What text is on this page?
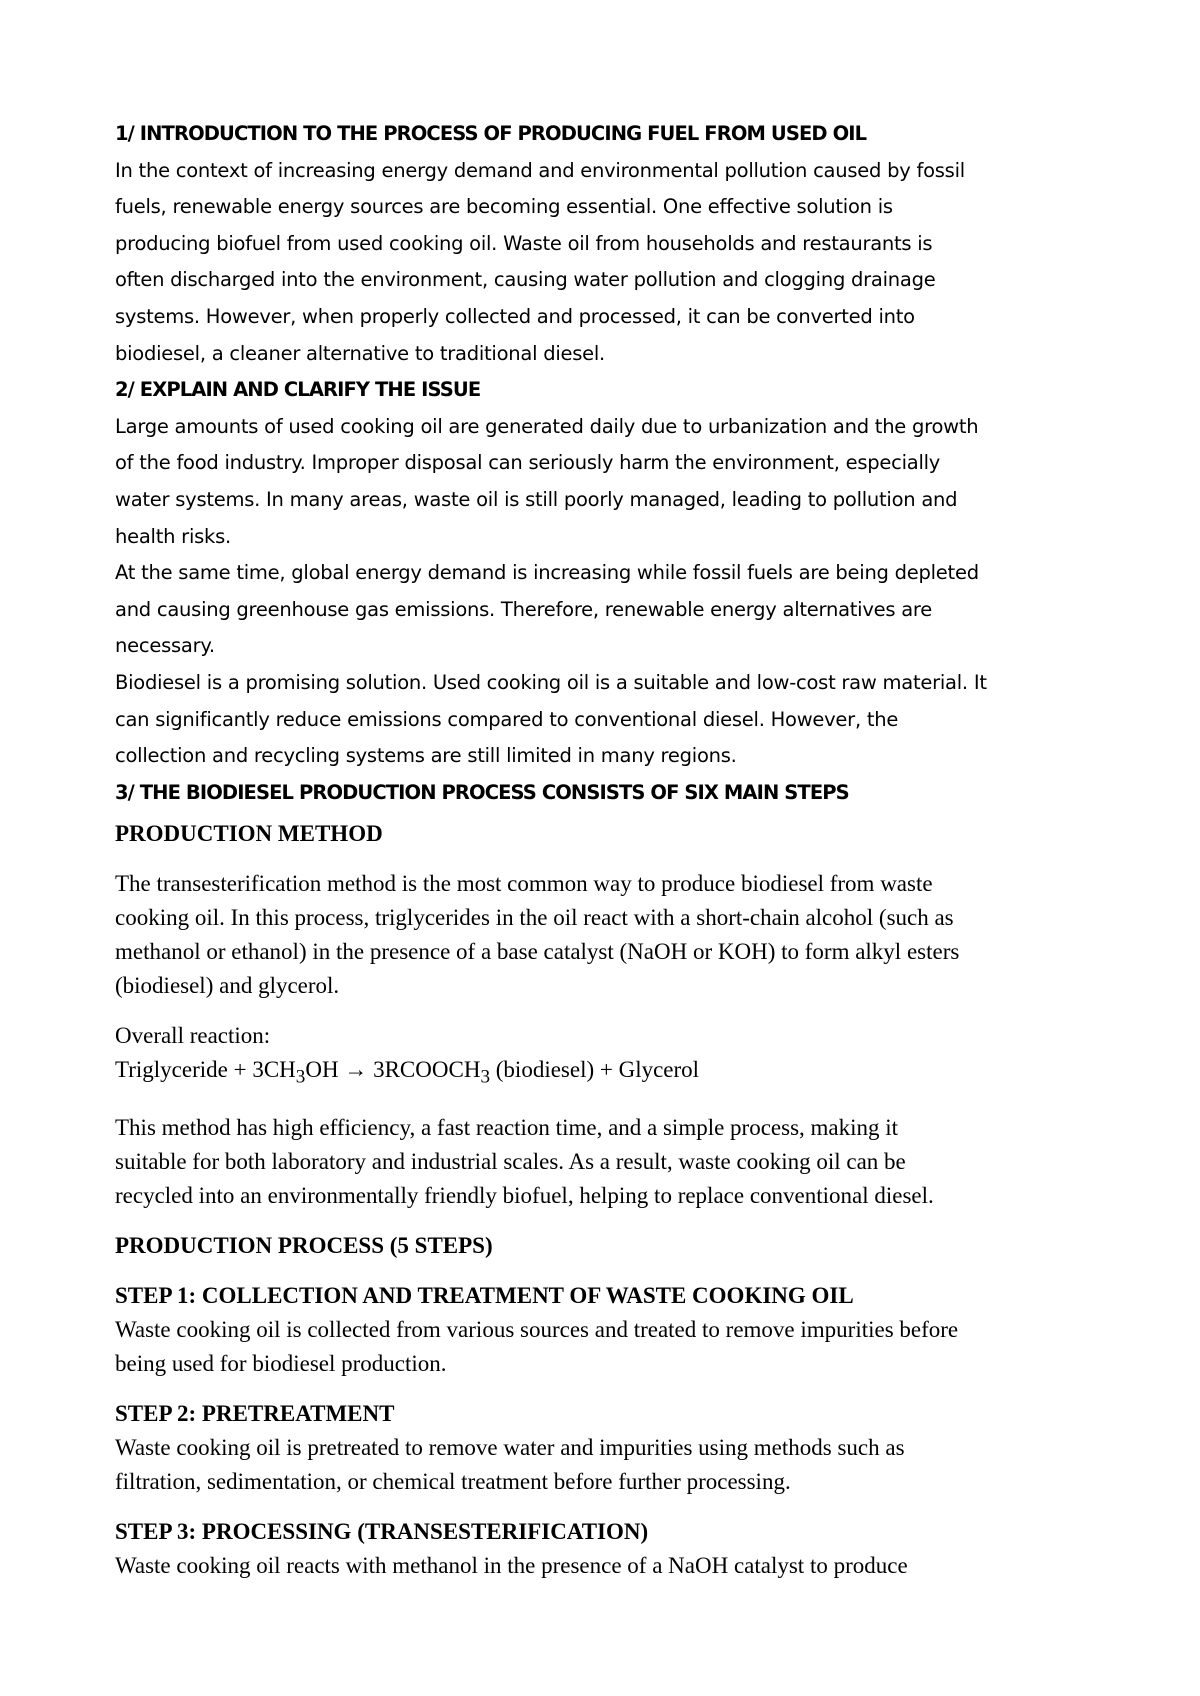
1/ INTRODUCTION TO THE PROCESS OF PRODUCING FUEL FROM USED OIL

In the context of increasing energy demand and environmental pollution caused by fossil

fuels, renewable energy sources are becoming essential. One effective solution is

producing biofuel from used cooking oil. Waste oil from households and restaurants is

often discharged into the environment, causing water pollution and clogging drainage

systems. However, when properly collected and processed, it can be converted into

biodiesel, a cleaner alternative to traditional diesel.

2/ EXPLAIN AND CLARIFY THE ISSUE

Large amounts of used cooking oil are generated daily due to urbanization and the growth

of the food industry. Improper disposal can seriously harm the environment, especially

water systems. In many areas, waste oil is still poorly managed, leading to pollution and

health risks.

At the same time, global energy demand is increasing while fossil fuels are being depleted

and causing greenhouse gas emissions. Therefore, renewable energy alternatives are

necessary.

Biodiesel is a promising solution. Used cooking oil is a suitable and low-cost raw material. It

can significantly reduce emissions compared to conventional diesel. However, the

collection and recycling systems are still limited in many regions.

3/ THE BIODIESEL PRODUCTION PROCESS CONSISTS OF SIX MAIN STEPS

PRODUCTION METHOD

The transesterification method is the most common way to produce biodiesel from waste

cooking oil. In this process, triglycerides in the oil react with a short-chain alcohol (such as

methanol or ethanol) in the presence of a base catalyst (NaOH or KOH) to form alkyl esters

(biodiesel) and glycerol.

Overall reaction:

Triglyceride + $3CH_3OH$ → $3RCOOCH_3$ (biodiesel) + Glycerol

This method has high efficiency, a fast reaction time, and a simple process, making it

suitable for both laboratory and industrial scales. As a result, waste cooking oil can be

recycled into an environmentally friendly biofuel, helping to replace conventional diesel.

PRODUCTION PROCESS (5 STEPS)

STEP 1: COLLECTION AND TREATMENT OF WASTE COOKING OIL

Waste cooking oil is collected from various sources and treated to remove impurities before

being used for biodiesel production.

STEP 2: PRETREATMENT

Waste cooking oil is pretreated to remove water and impurities using methods such as

filtration, sedimentation, or chemical treatment before further processing.

STEP 3: PROCESSING (TRANSESTERIFICATION)

Waste cooking oil reacts with methanol in the presence of a NaOH catalyst to produce
